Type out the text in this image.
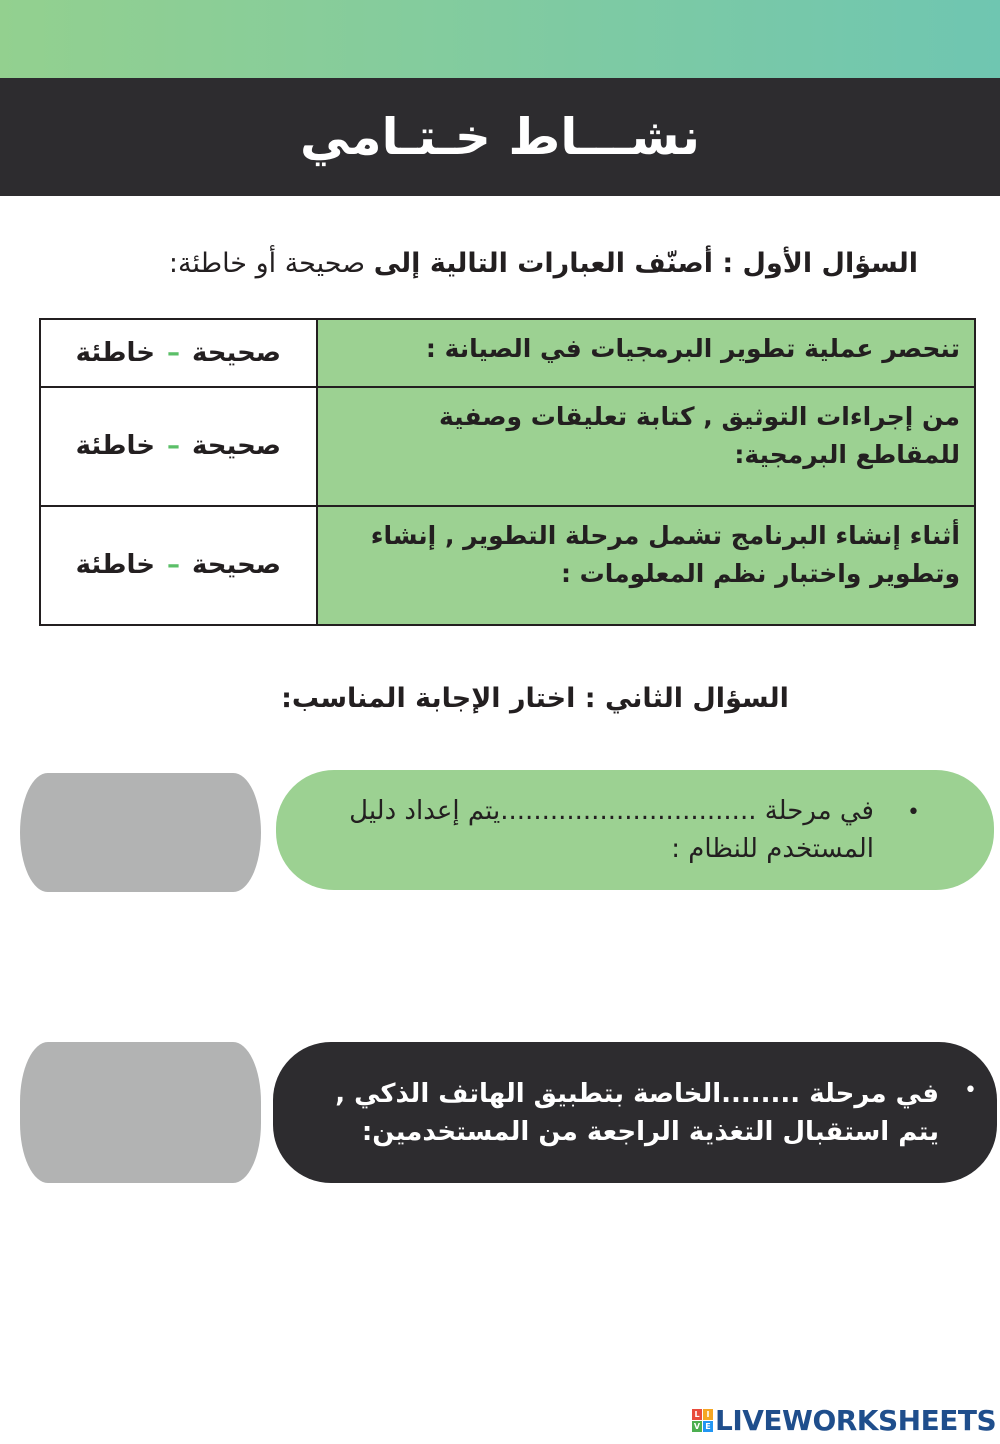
نشـــاط خـتـامي
السؤال الأول : أصنّف العبارات التالية إلى صحيحة أو خاطئة:
تنحصر عملية تطوير البرمجيات في الصيانة :	صحيحة–خاطئة
من إجراءات التوثيق , كتابة تعليقات وصفية للمقاطع البرمجية:	صحيحة–خاطئة
أثناء إنشاء البرنامج تشمل مرحلة التطوير , إنشاء وتطوير واختبار نظم المعلومات :	صحيحة–خاطئة
السؤال الثاني : اختار الإجابة المناسب:
•
في مرحلة ...............................يتم إعداد دليل
المستخدم للنظام :
•
في مرحلة ........الخاصة بتطبيق الهاتف الذكي ,
يتم استقبال التغذية الراجعة من المستخدمين:
L I
V E LIVEWORKSHEETS
